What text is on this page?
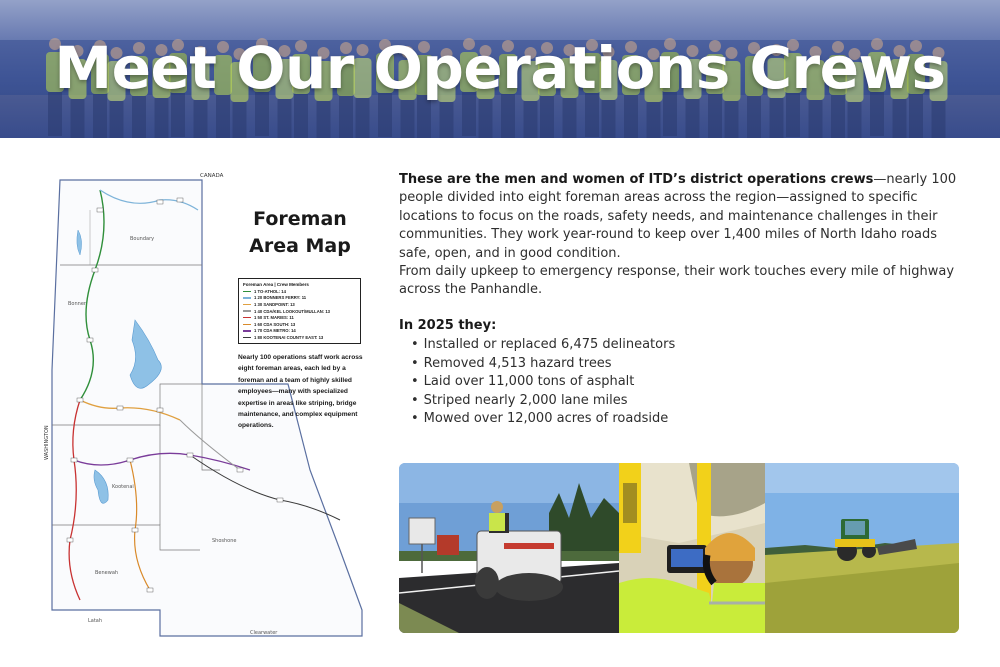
Meet Our Operations Crews
CANADA
WASHINGTON
Boundary
Bonner
Kootenai
Benewah
Shoshone
Latah
Clearwater
Foreman
Area Map
Foreman Area | Crew Members
1 TO-ATHOL: 14
1 20 BONNERS FERRY: 11
1 30 SANDPOINT: 13
1 40 CDA/KEL LOOKOUT/MULLAN: 13
1 50 ST. MARIES: 11
1 60 CDA SOUTH: 13
1 70 CDA METRO: 14
1 80 KOOTENAI COUNTY EAST: 13
Nearly 100 operations staff work across eight foreman areas, each led by a foreman and a team of highly skilled employees—many with specialized expertise in areas like striping, bridge maintenance, and complex equipment operations.
These are the men and women of ITD’s district operations crews—nearly 100 people divided into eight foreman areas across the region—assigned to specific locations to focus on the roads, safety needs, and maintenance challenges in their communities. They work year-round to keep over 1,400 miles of North Idaho roads safe, open, and in good condition.
From daily upkeep to emergency response, their work touches every mile of highway across the Panhandle.
In 2025 they:
• Installed or replaced 6,475 delineators
• Removed 4,513 hazard trees
• Laid over 11,000 tons of asphalt
• Striped nearly 2,000 lane miles
• Mowed over 12,000 acres of roadside
